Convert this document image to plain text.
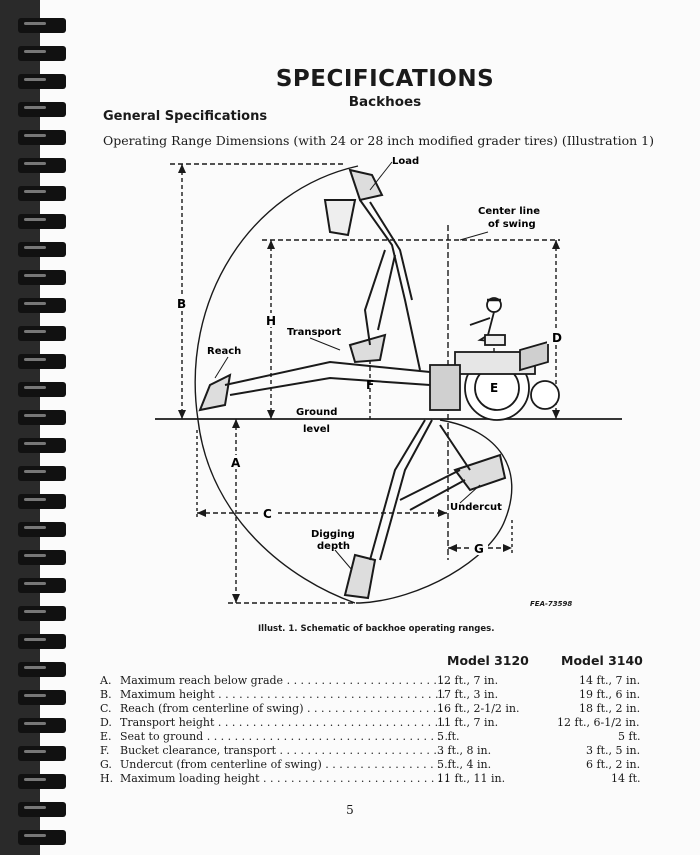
SPECIFICATIONS
Backhoes
General Specifications
Operating Range Dimensions (with 24 or 28 inch modified grader tires) (Illustration 1)
Load
Center line
of swing
Reach
Transport
Ground
level
Undercut
Digging
depth
B
H
D
A
C
F	E
G
FEA-73598
Illust. 1. Schematic of backhoe operating ranges.
Model 3120	Model 3140
A. Maximum reach below grade . . .	12 ft., 7 in.	14 ft., 7 in.
B. Maximum height . . .	17 ft., 3 in.	19 ft., 6 in.
C. Reach (from centerline of swing) . . .	16 ft., 2-1/2 in.	18 ft., 2 in.
D. Transport height . . .	11 ft., 7 in.	12 ft., 6-1/2 in.
E. Seat to ground . . .	5 ft.	5 ft.
F. Bucket clearance, transport . . .	3 ft., 8 in.	3 ft., 5 in.
G. Undercut (from centerline of swing) . . .	5 ft., 4 in.	6 ft., 2 in.
H. Maximum loading height . . .	11 ft., 11 in.	14 ft.
5
